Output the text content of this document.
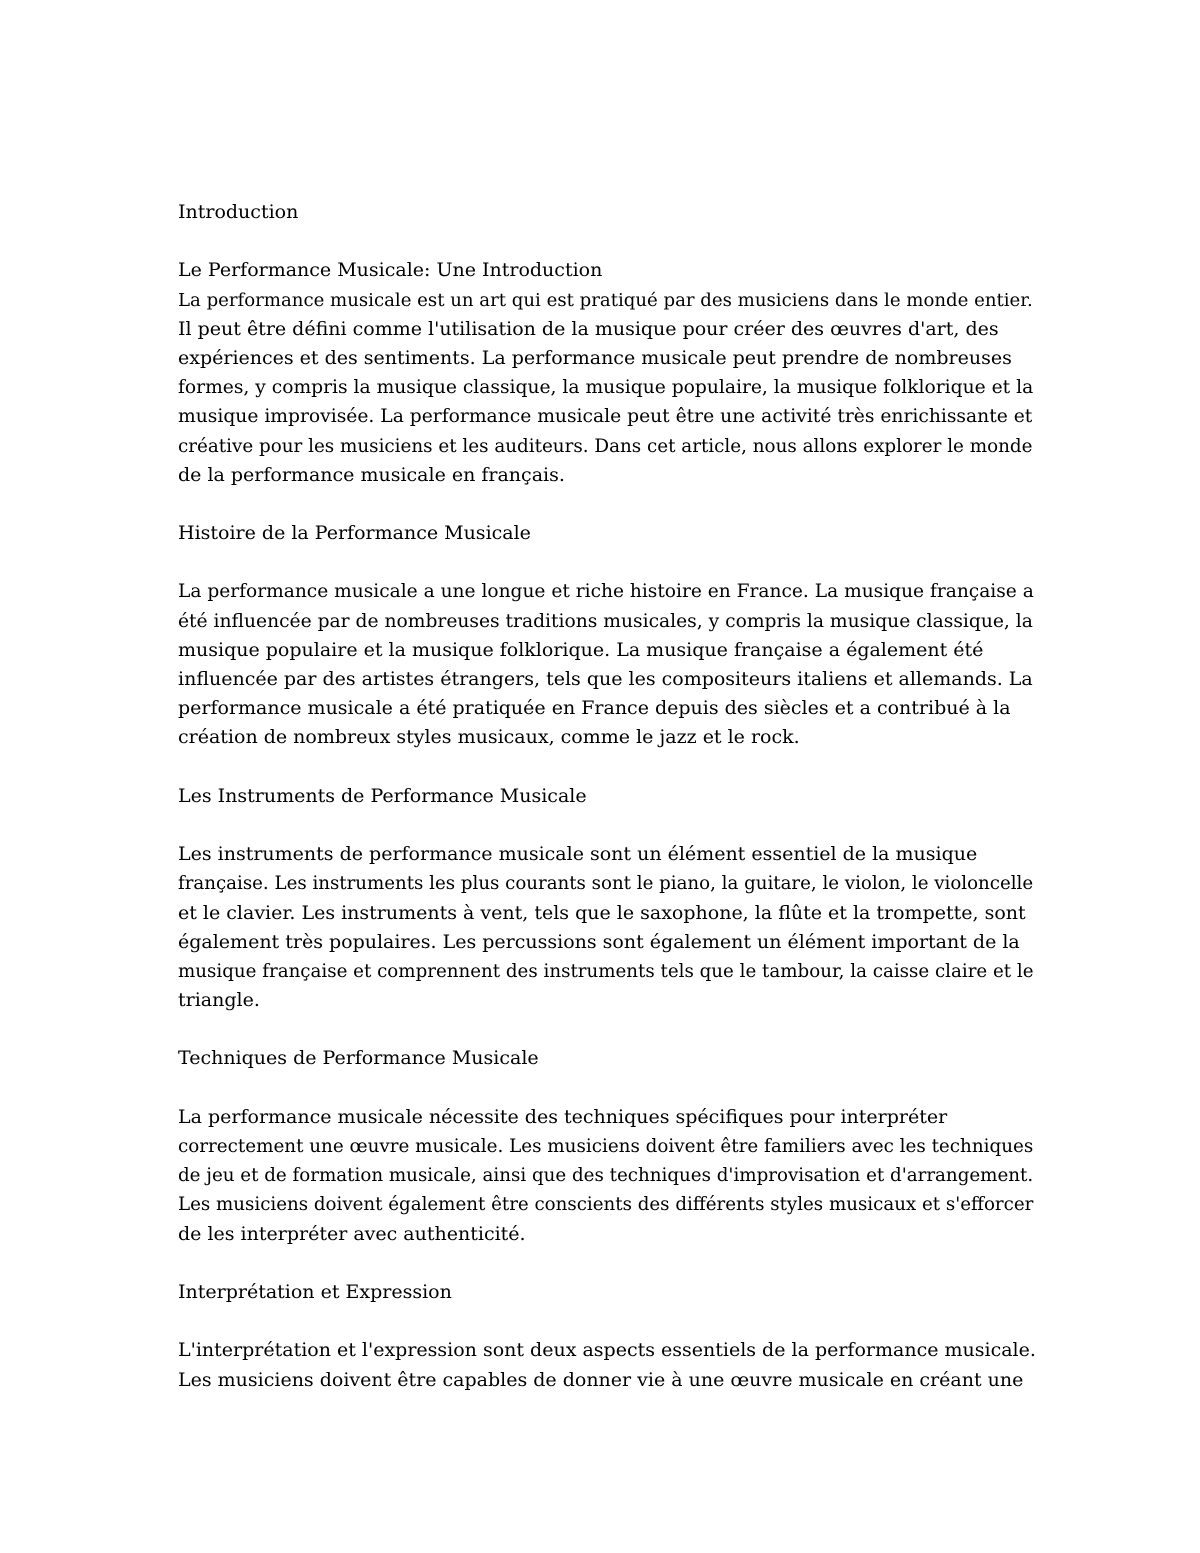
Introduction
Le Performance Musicale: Une Introduction
La performance musicale est un art qui est pratiqué par des musiciens dans le monde entier.
Il peut être défini comme l'utilisation de la musique pour créer des œuvres d'art, des
expériences et des sentiments. La performance musicale peut prendre de nombreuses
formes, y compris la musique classique, la musique populaire, la musique folklorique et la
musique improvisée. La performance musicale peut être une activité très enrichissante et
créative pour les musiciens et les auditeurs. Dans cet article, nous allons explorer le monde
de la performance musicale en français.
Histoire de la Performance Musicale
La performance musicale a une longue et riche histoire en France. La musique française a
été influencée par de nombreuses traditions musicales, y compris la musique classique, la
musique populaire et la musique folklorique. La musique française a également été
influencée par des artistes étrangers, tels que les compositeurs italiens et allemands. La
performance musicale a été pratiquée en France depuis des siècles et a contribué à la
création de nombreux styles musicaux, comme le jazz et le rock.
Les Instruments de Performance Musicale
Les instruments de performance musicale sont un élément essentiel de la musique
française. Les instruments les plus courants sont le piano, la guitare, le violon, le violoncelle
et le clavier. Les instruments à vent, tels que le saxophone, la flûte et la trompette, sont
également très populaires. Les percussions sont également un élément important de la
musique française et comprennent des instruments tels que le tambour, la caisse claire et le
triangle.
Techniques de Performance Musicale
La performance musicale nécessite des techniques spécifiques pour interpréter
correctement une œuvre musicale. Les musiciens doivent être familiers avec les techniques
de jeu et de formation musicale, ainsi que des techniques d'improvisation et d'arrangement.
Les musiciens doivent également être conscients des différents styles musicaux et s'efforcer
de les interpréter avec authenticité.
Interprétation et Expression
L'interprétation et l'expression sont deux aspects essentiels de la performance musicale.
Les musiciens doivent être capables de donner vie à une œuvre musicale en créant une
